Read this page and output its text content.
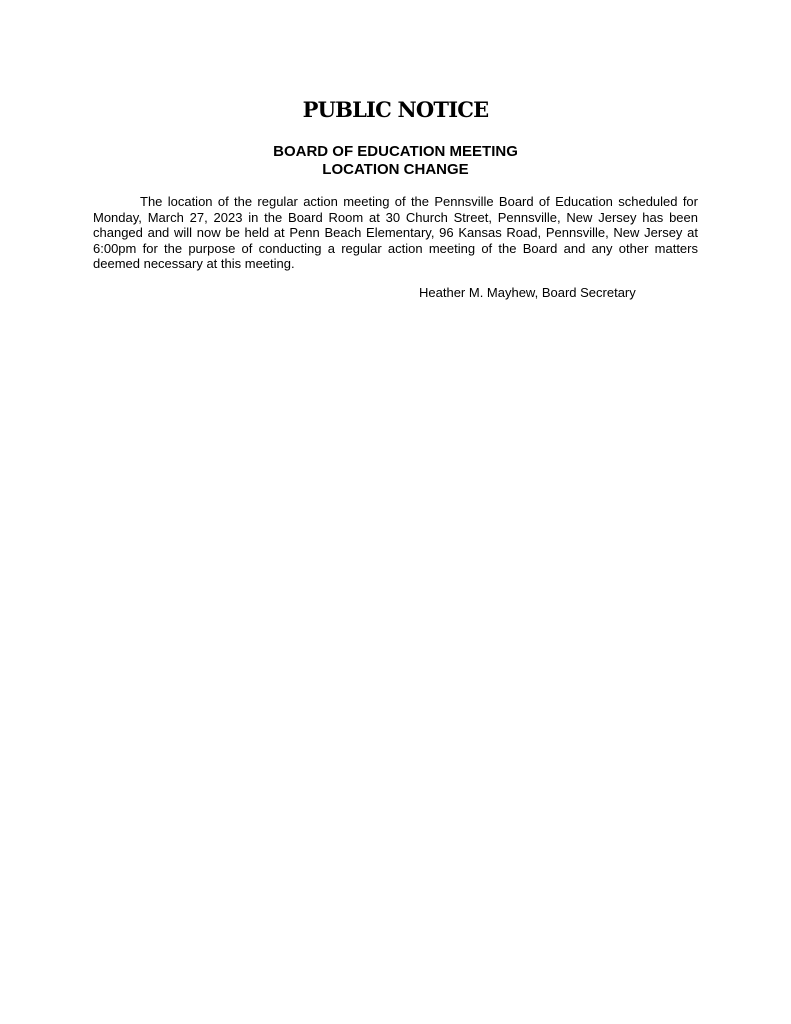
PUBLIC NOTICE
BOARD OF EDUCATION MEETING
LOCATION CHANGE

The location of the regular action meeting of the Pennsville Board of Education scheduled for Monday, March 27, 2023 in the Board Room at 30 Church Street, Pennsville, New Jersey has been changed and will now be held at Penn Beach Elementary, 96 Kansas Road, Pennsville, New Jersey at 6:00pm for the purpose of conducting a regular action meeting of the Board and any other matters deemed necessary at this meeting.

Heather M. Mayhew, Board Secretary
